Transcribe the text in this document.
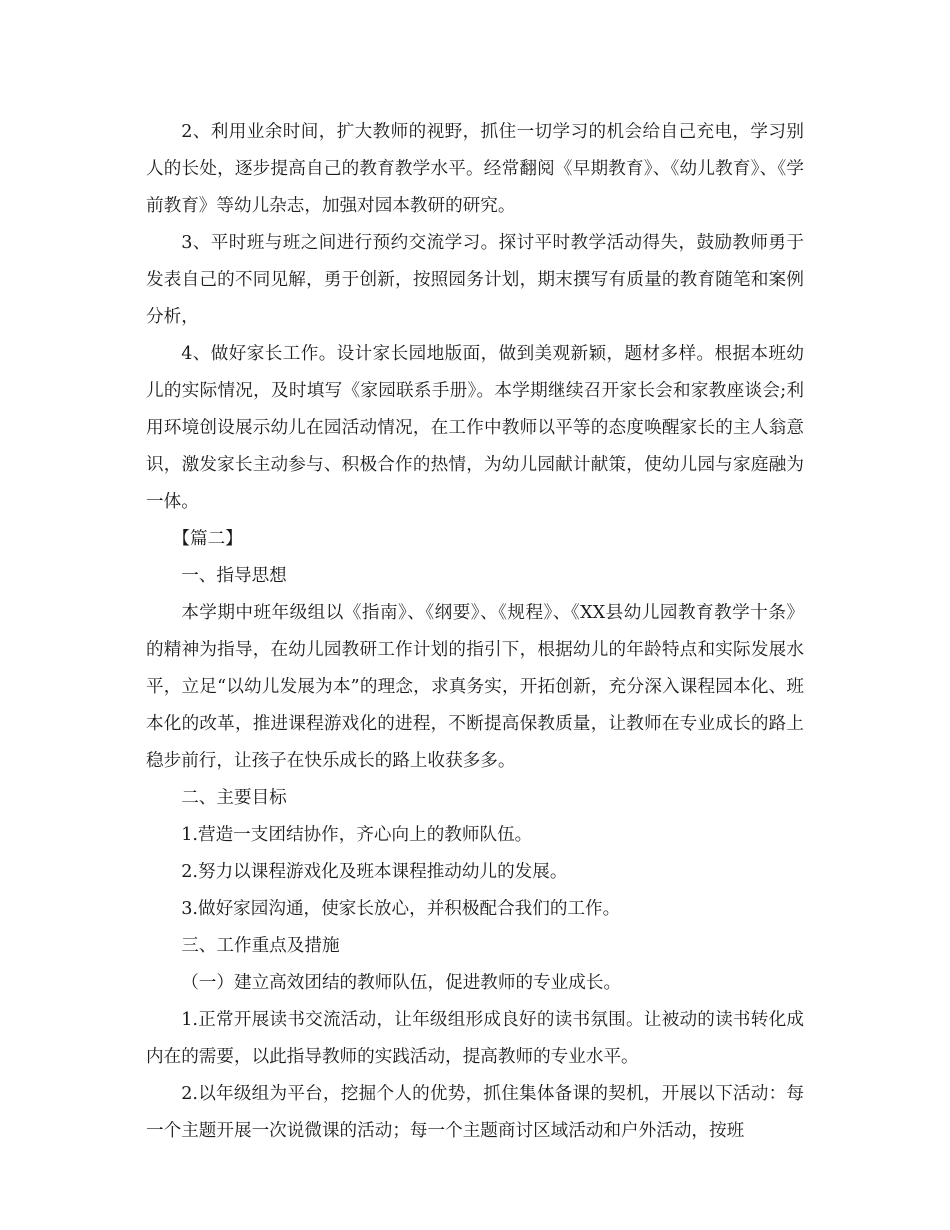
2、利用业余时间，扩大教师的视野，抓住一切学习的机会给自己充电，学习别人的长处，逐步提高自己的教育教学水平。经常翻阅《早期教育》、《幼儿教育》、《学前教育》等幼儿杂志，加强对园本教研的研究。

3、平时班与班之间进行预约交流学习。探讨平时教学活动得失，鼓励教师勇于发表自己的不同见解，勇于创新，按照园务计划，期末撰写有质量的教育随笔和案例分析，

4、做好家长工作。设计家长园地版面，做到美观新颖，题材多样。根据本班幼儿的实际情况，及时填写《家园联系手册》。本学期继续召开家长会和家教座谈会;利用环境创设展示幼儿在园活动情况，在工作中教师以平等的态度唤醒家长的主人翁意识，激发家长主动参与、积极合作的热情，为幼儿园献计献策，使幼儿园与家庭融为一体。

【篇二】

一、指导思想

本学期中班年级组以《指南》、《纲要》、《规程》、《XX县幼儿园教育教学十条》的精神为指导，在幼儿园教研工作计划的指引下，根据幼儿的年龄特点和实际发展水平，立足“以幼儿发展为本”的理念，求真务实，开拓创新，充分深入课程园本化、班本化的改革，推进课程游戏化的进程，不断提高保教质量，让教师在专业成长的路上稳步前行，让孩子在快乐成长的路上收获多多。

二、主要目标

1.营造一支团结协作，齐心向上的教师队伍。

2.努力以课程游戏化及班本课程推动幼儿的发展。

3.做好家园沟通，使家长放心，并积极配合我们的工作。

三、工作重点及措施

（一）建立高效团结的教师队伍，促进教师的专业成长。

1.正常开展读书交流活动，让年级组形成良好的读书氛围。让被动的读书转化成内在的需要，以此指导教师的实践活动，提高教师的专业水平。

2.以年级组为平台，挖掘个人的优势，抓住集体备课的契机，开展以下活动：每一个主题开展一次说微课的活动；每一个主题商讨区域活动和户外活动，按班
